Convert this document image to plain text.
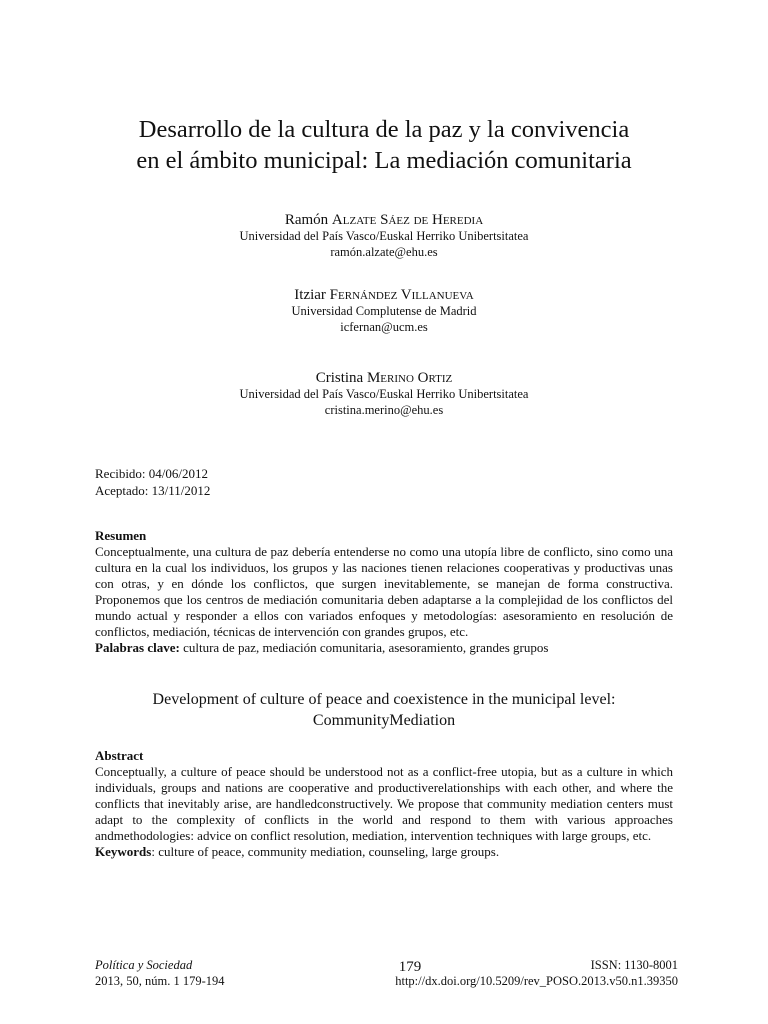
Desarrollo de la cultura de la paz y la convivencia
en el ámbito municipal: La mediación comunitaria
Ramón Alzate Sáez de Heredia
Universidad del País Vasco/Euskal Herriko Unibertsitatea
ramón.alzate@ehu.es
Itziar Fernández Villanueva
Universidad Complutense de Madrid
icfernan@ucm.es
Cristina Merino Ortiz
Universidad del País Vasco/Euskal Herriko Unibertsitatea
cristina.merino@ehu.es
Recibido: 04/06/2012
Aceptado: 13/11/2012
Resumen
Conceptualmente, una cultura de paz debería entenderse no como una utopía libre de conflicto, sino como una cultura en la cual los individuos, los grupos y las naciones tienen relaciones cooperativas y productivas unas con otras, y en dónde los conflictos, que surgen inevitablemente, se manejan de forma constructiva. Proponemos que los centros de mediación comunitaria deben adaptarse a la complejidad de los conflictos del mundo actual y responder a ellos con variados enfoques y metodologías: asesoramiento en resolución de conflictos, mediación, técnicas de intervención con grandes grupos, etc.
Palabras clave: cultura de paz, mediación comunitaria, asesoramiento, grandes grupos
Development of culture of peace and coexistence in the municipal level:
CommunityMediation
Abstract
Conceptually, a culture of peace should be understood not as a conflict-free utopia, but as a culture in which individuals, groups and nations are cooperative and productiverelationships with each other, and where the conflicts that inevitably arise, are handledconstructively. We propose that community mediation centers must adapt to the complexity of conflicts in the world and respond to them with various approaches andmethodologies: advice on conflict resolution, mediation, intervention techniques with large groups, etc.
Keywords: culture of peace, community mediation, counseling, large groups.
Política y Sociedad
2013, 50, núm. 1 179-194
179	ISSN: 1130-8001
http://dx.doi.org/10.5209/rev_POSO.2013.v50.n1.39350
